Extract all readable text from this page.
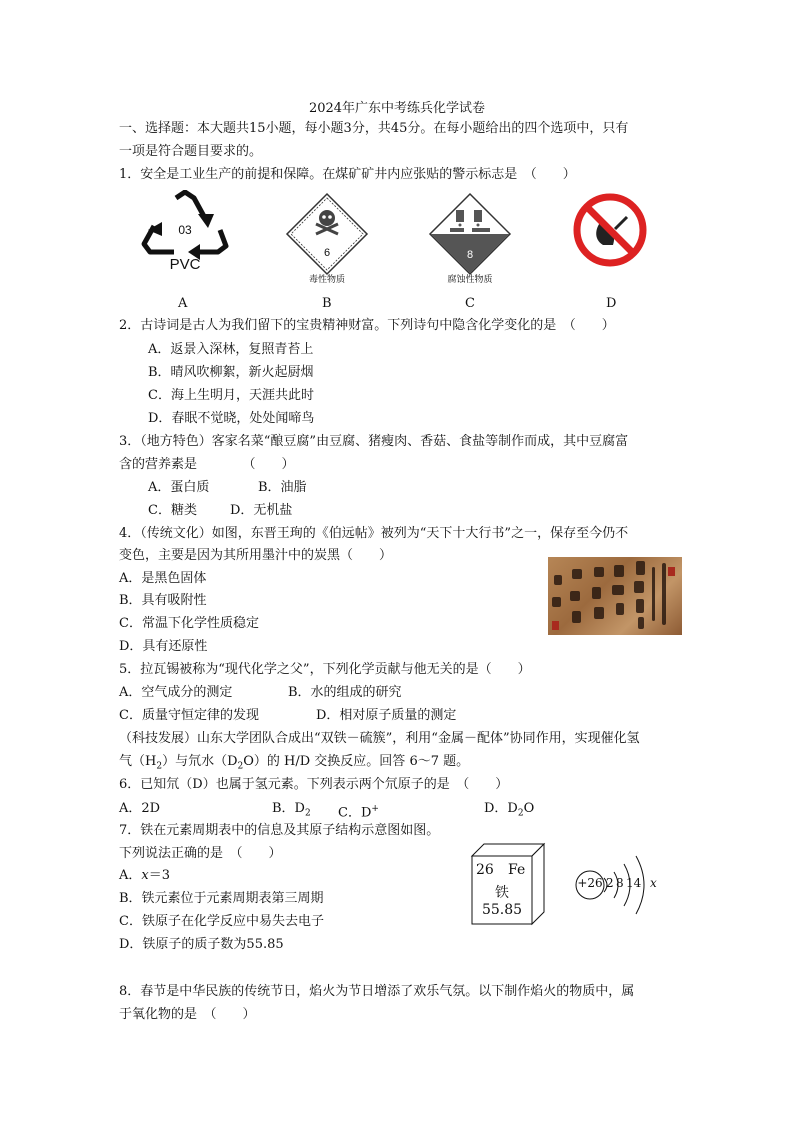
2024年广东中考练兵化学试卷
一、选择题：本大题共15小题，每小题3分，共45分。在每小题给出的四个选项中，只有
一项是符合题目要求的。
1．安全是工业生产的前提和保障。在煤矿矿井内应张贴的警示标志是　（　　）
03
PVC
6
毒性物质
8
腐蚀性物质
A	B	C	D
2．古诗词是古人为我们留下的宝贵精神财富。下列诗句中隐含化学变化的是　（　　）
A．返景入深林，复照青苔上
B．晴风吹柳絮，新火起厨烟
C．海上生明月，天涯共此时
D．春眠不觉晓，处处闻啼鸟
3．（地方特色）客家名菜“酿豆腐”由豆腐、猪瘦肉、香菇、食盐等制作而成，其中豆腐富
含的营养素是　　　　（　　）
A．蛋白质	B．油脂
C．糖类	D．无机盐
4．（传统文化）如图，东晋王珣的《伯远帖》被列为“天下十大行书”之一，保存至今仍不
变色，主要是因为其所用墨汁中的炭黑（　　）
A．是黑色固体
B．具有吸附性
C．常温下化学性质稳定
D．具有还原性
5．拉瓦锡被称为“现代化学之父”，下列化学贡献与他无关的是（　　）
A．空气成分的测定	B．水的组成的研究
C．质量守恒定律的发现	D．相对原子质量的测定
（科技发展）山东大学团队合成出“双铁－硫簇”，利用“金属－配体”协同作用，实现催化氢
气$(H_2)$与氘水$(D_2O)$的 H/D 交换反应。回答 6～7 题。
6．已知氘（D）也属于氢元素。下列表示两个氘原子的是　（　　）
A．2D	B．$D_2$ C．D+	D．$D_2O$
7．铁在元素周期表中的信息及其原子结构示意图如图。
下列说法正确的是　（　　）
A．x＝3
B．铁元素位于元素周期表第三周期
C．铁原子在化学反应中易失去电子
D．铁原子的质子数为55.85
26 Fe
铁
55.85
+26 2 8 14 x
8．春节是中华民族的传统节日，焰火为节日增添了欢乐气氛。以下制作焰火的物质中，属
于氧化物的是　（　　）
